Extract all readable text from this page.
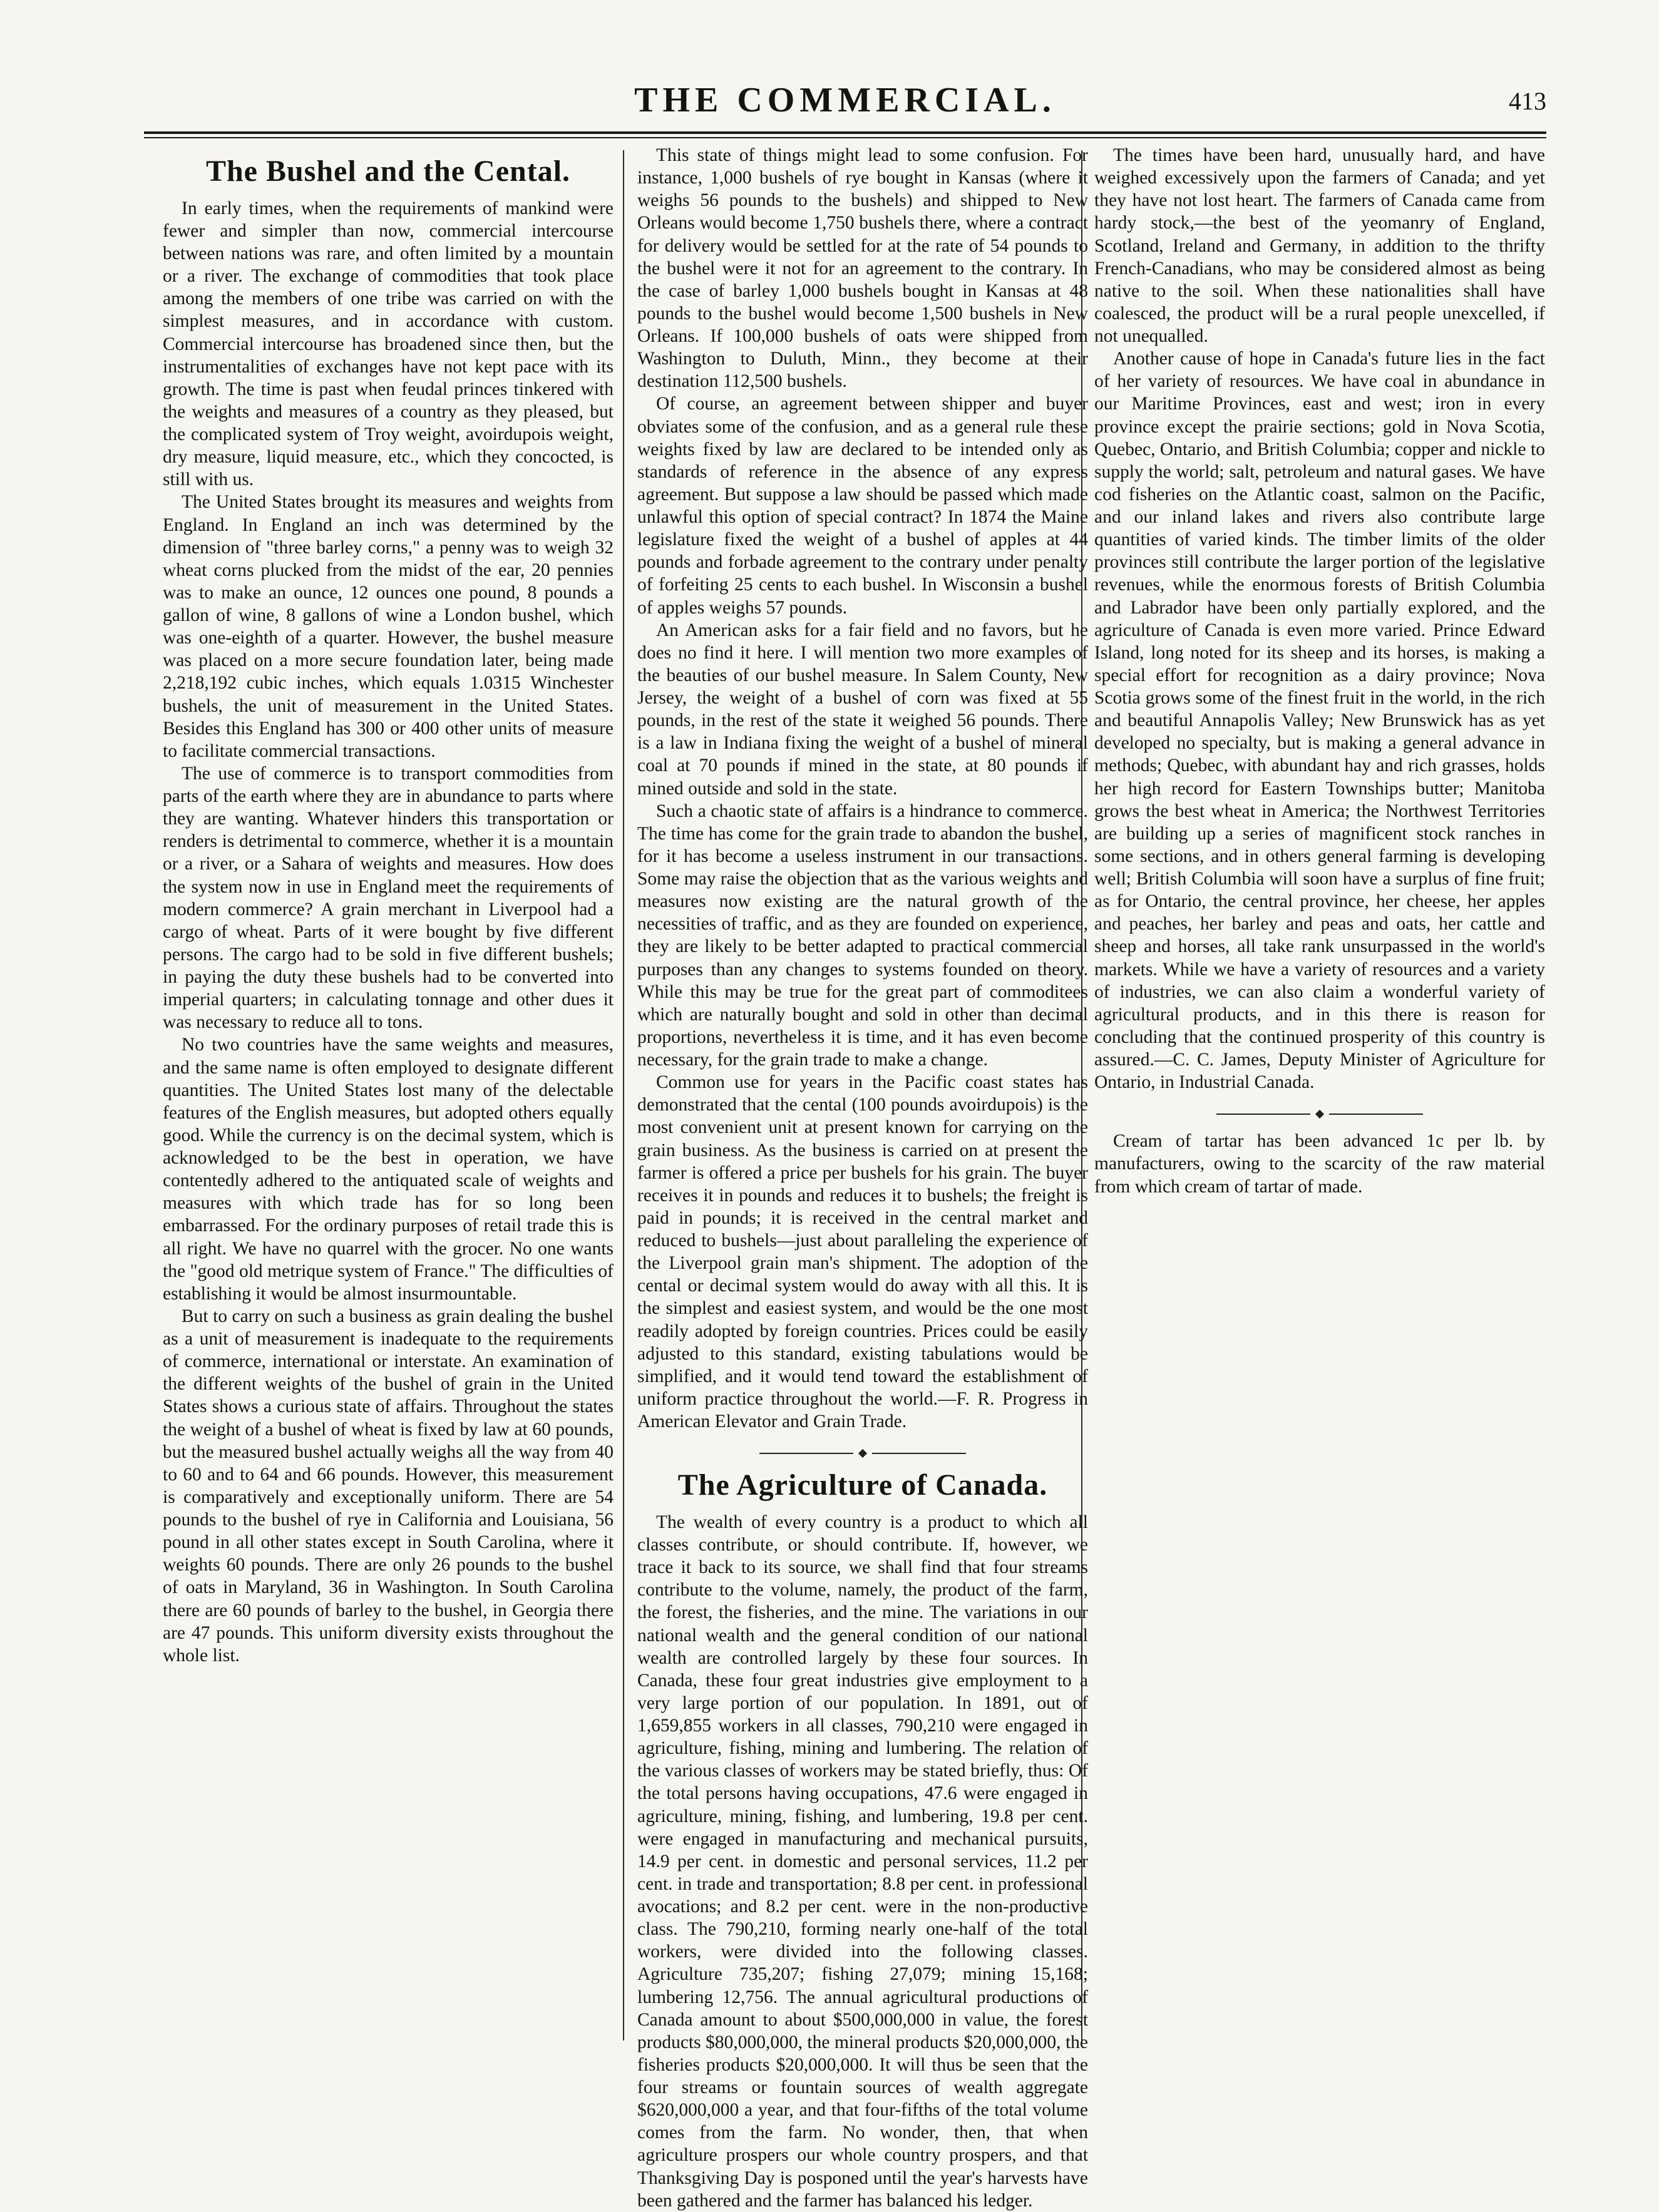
THE COMMERCIAL.	413
The Bushel and the Cental.

In early times, when the requirements of mankind were fewer and simpler than now, commercial intercourse between nations was rare, and often limited by a mountain or a river. The exchange of commodities that took place among the members of one tribe was carried on with the simplest measures, and in accordance with custom. Commercial intercourse has broadened since then, but the instrumentalities of exchanges have not kept pace with its growth. The time is past when feudal princes tinkered with the weights and measures of a country as they pleased, but the complicated system of Troy weight, avoirdupois weight, dry measure, liquid measure, etc., which they concocted, is still with us.

The United States brought its measures and weights from England. In England an inch was determined by the dimension of "three barley corns," a penny was to weigh 32 wheat corns plucked from the midst of the ear, 20 pennies was to make an ounce, 12 ounces one pound, 8 pounds a gallon of wine, 8 gallons of wine a London bushel, which was one-eighth of a quarter. However, the bushel measure was placed on a more secure foundation later, being made 2,218,192 cubic inches, which equals 1.0315 Winchester bushels, the unit of measurement in the United States. Besides this England has 300 or 400 other units of measure to facilitate commercial transactions.

The use of commerce is to transport commodities from parts of the earth where they are in abundance to parts where they are wanting. Whatever hinders this transportation or renders is detrimental to commerce, whether it is a mountain or a river, or a Sahara of weights and measures. How does the system now in use in England meet the requirements of modern commerce? A grain merchant in Liverpool had a cargo of wheat. Parts of it were bought by five different persons. The cargo had to be sold in five different bushels; in paying the duty these bushels had to be converted into imperial quarters; in calculating tonnage and other dues it was necessary to reduce all to tons.

No two countries have the same weights and measures, and the same name is often employed to designate different quantities. The United States lost many of the delectable features of the English measures, but adopted others equally good. While the currency is on the decimal system, which is acknowledged to be the best in operation, we have contentedly adhered to the antiquated scale of weights and measures with which trade has for so long been embarrassed. For the ordinary purposes of retail trade this is all right. We have no quarrel with the grocer. No one wants the "good old metrique system of France." The difficulties of establishing it would be almost insurmountable.

But to carry on such a business as grain dealing the bushel as a unit of measurement is inadequate to the requirements of commerce, international or interstate. An examination of the different weights of the bushel of grain in the United States shows a curious state of affairs. Throughout the states the weight of a bushel of wheat is fixed by law at 60 pounds, but the measured bushel actually weighs all the way from 40 to 60 and to 64 and 66 pounds. However, this measurement is comparatively and exceptionally uniform. There are 54 pounds to the bushel of rye in California and Louisiana, 56 pound in all other states except in South Carolina, where it weights 60 pounds. There are only 26 pounds to the bushel of oats in Maryland, 36 in Washington. In South Carolina there are 60 pounds of barley to the bushel, in Georgia there are 47 pounds. This uniform diversity exists throughout the whole list.

This state of things might lead to some confusion. For instance, 1,000 bushels of rye bought in Kansas (where it weighs 56 pounds to the bushels) and shipped to New Orleans would become 1,750 bushels there, where a contract for delivery would be settled for at the rate of 54 pounds to the bushel were it not for an agreement to the contrary. In the case of barley 1,000 bushels bought in Kansas at 48 pounds to the bushel would become 1,500 bushels in New Orleans. If 100,000 bushels of oats were shipped from Washington to Duluth, Minn., they become at their destination 112,500 bushels.

Of course, an agreement between shipper and buyer obviates some of the confusion, and as a general rule these weights fixed by law are declared to be intended only as standards of reference in the absence of any express agreement. But suppose a law should be passed which made unlawful this option of special contract? In 1874 the Maine legislature fixed the weight of a bushel of apples at 44 pounds and forbade agreement to the contrary under penalty of forfeiting 25 cents to each bushel. In Wisconsin a bushel of apples weighs 57 pounds.

An American asks for a fair field and no favors, but he does no find it here. I will mention two more examples of the beauties of our bushel measure. In Salem County, New Jersey, the weight of a bushel of corn was fixed at 55 pounds, in the rest of the state it weighed 56 pounds. There is a law in Indiana fixing the weight of a bushel of mineral coal at 70 pounds if mined in the state, at 80 pounds if mined outside and sold in the state.

Such a chaotic state of affairs is a hindrance to commerce. The time has come for the grain trade to abandon the bushel, for it has become a useless instrument in our transactions. Some may raise the objection that as the various weights and measures now existing are the natural growth of the necessities of traffic, and as they are founded on experience, they are likely to be better adapted to practical commercial purposes than any changes to systems founded on theory. While this may be true for the great part of commoditees which are naturally bought and sold in other than decimal proportions, nevertheless it is time, and it has even become necessary, for the grain trade to make a change.

Common use for years in the Pacific coast states has demonstrated that the cental (100 pounds avoirdupois) is the most convenient unit at present known for carrying on the grain business. As the business is carried on at present the farmer is offered a price per bushels for his grain. The buyer receives it in pounds and reduces it to bushels; the freight is paid in pounds; it is received in the central market and reduced to bushels—just about paralleling the experience of the Liverpool grain man's shipment. The adoption of the cental or decimal system would do away with all this. It is the simplest and easiest system, and would be the one most readily adopted by foreign countries. Prices could be easily adjusted to this standard, existing tabulations would be simplified, and it would tend toward the establishment of uniform practice throughout the world.—F. R. Progress in American Elevator and Grain Trade.

The Agriculture of Canada.

The wealth of every country is a product to which all classes contribute, or should contribute. If, however, we trace it back to its source, we shall find that four streams contribute to the volume, namely, the product of the farm, the forest, the fisheries, and the mine. The variations in our national wealth and the general condition of our national wealth are controlled largely by these four sources. In Canada, these four great industries give employment to a very large portion of our population. In 1891, out of 1,659,855 workers in all classes, 790,210 were engaged in agriculture, fishing, mining and lumbering. The relation of the various classes of workers may be stated briefly, thus: Of the total persons having occupations, 47.6 were engaged in agriculture, mining, fishing, and lumbering, 19.8 per cent. were engaged in manufacturing and mechanical pursuits, 14.9 per cent. in domestic and personal services, 11.2 per cent. in trade and transportation; 8.8 per cent. in professional avocations; and 8.2 per cent. were in the non-productive class. The 790,210, forming nearly one-half of the total workers, were divided into the following classes. Agriculture 735,207; fishing 27,079; mining 15,168; lumbering 12,756. The annual agricultural productions of Canada amount to about $500,000,000 in value, the forest products $80,000,000, the mineral products $20,000,000, the fisheries products $20,000,000. It will thus be seen that the four streams or fountain sources of wealth aggregate $620,000,000 a year, and that four-fifths of the total volume comes from the farm. No wonder, then, that when agriculture prospers our whole country prospers, and that Thanksgiving Day is posponed until the year's harvests have been gathered and the farmer has balanced his ledger.

The times have been hard, unusually hard, and have weighed excessively upon the farmers of Canada; and yet they have not lost heart. The farmers of Canada came from hardy stock,—the best of the yeomanry of England, Scotland, Ireland and Germany, in addition to the thrifty French-Canadians, who may be considered almost as being native to the soil. When these nationalities shall have coalesced, the product will be a rural people unexcelled, if not unequalled.

Another cause of hope in Canada's future lies in the fact of her variety of resources. We have coal in abundance in our Maritime Provinces, east and west; iron in every province except the prairie sections; gold in Nova Scotia, Quebec, Ontario, and British Columbia; copper and nickle to supply the world; salt, petroleum and natural gases. We have cod fisheries on the Atlantic coast, salmon on the Pacific, and our inland lakes and rivers also contribute large quantities of varied kinds. The timber limits of the older provinces still contribute the larger portion of the legislative revenues, while the enormous forests of British Columbia and Labrador have been only partially explored, and the agriculture of Canada is even more varied. Prince Edward Island, long noted for its sheep and its horses, is making a special effort for recognition as a dairy province; Nova Scotia grows some of the finest fruit in the world, in the rich and beautiful Annapolis Valley; New Brunswick has as yet developed no specialty, but is making a general advance in methods; Quebec, with abundant hay and rich grasses, holds her high record for Eastern Townships butter; Manitoba grows the best wheat in America; the Northwest Territories are building up a series of magnificent stock ranches in some sections, and in others general farming is developing well; British Columbia will soon have a surplus of fine fruit; as for Ontario, the central province, her cheese, her apples and peaches, her barley and peas and oats, her cattle and sheep and horses, all take rank unsurpassed in the world's markets. While we have a variety of resources and a variety of industries, we can also claim a wonderful variety of agricultural products, and in this there is reason for concluding that the continued prosperity of this country is assured.—C. C. James, Deputy Minister of Agriculture for Ontario, in Industrial Canada.

Cream of tartar has been advanced 1c per lb. by manufacturers, owing to the scarcity of the raw material from which cream of tartar of made.
